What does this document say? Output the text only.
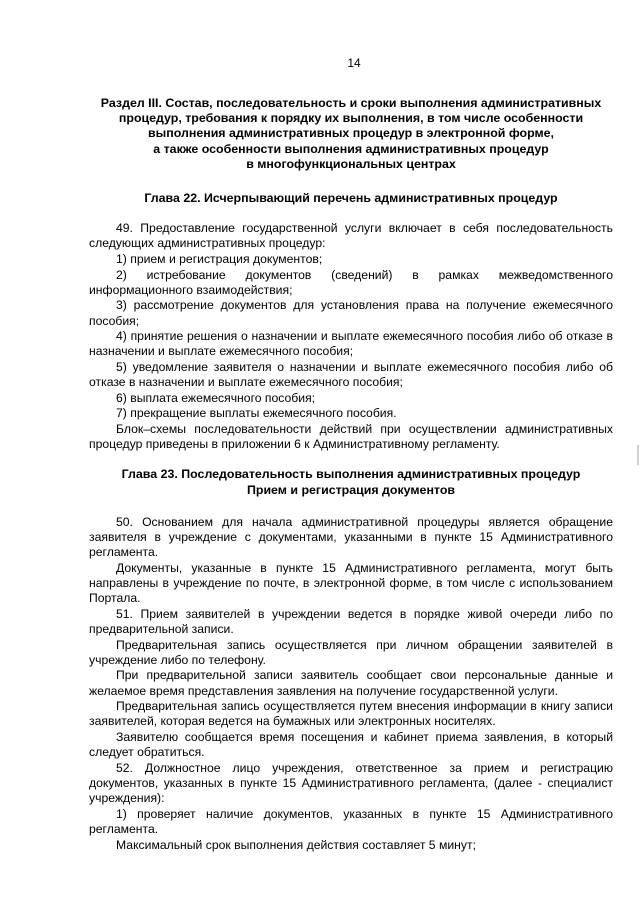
14
Раздел III. Состав, последовательность и сроки выполнения административных
процедур, требования к порядку их выполнения, в том числе особенности
выполнения административных процедур в электронной форме,
а также особенности выполнения административных процедур
в многофункциональных центрах
Глава 22. Исчерпывающий перечень административных процедур

49. Предоставление государственной услуги включает в себя последовательность следующих административных процедур:

1) прием и регистрация документов;

2) истребование документов (сведений) в рамках межведомственного информационного взаимодействия;

3) рассмотрение документов для установления права на получение ежемесячного пособия;

4) принятие решения о назначении и выплате ежемесячного пособия либо об отказе в назначении и выплате ежемесячного пособия;

5) уведомление заявителя о назначении и выплате ежемесячного пособия либо об отказе в назначении и выплате ежемесячного пособия;

6) выплата ежемесячного пособия;

7) прекращение выплаты ежемесячного пособия.

Блок–схемы последовательности действий при осуществлении административных процедур приведены в приложении 6 к Административному регламенту.

Глава 23. Последовательность выполнения административных процедур
Прием и регистрация документов

50. Основанием для начала административной процедуры является обращение заявителя в учреждение с документами, указанными в пункте 15 Административного регламента.

Документы, указанные в пункте 15 Административного регламента, могут быть направлены в учреждение по почте, в электронной форме, в том числе с использованием Портала.

51. Прием заявителей в учреждении ведется в порядке живой очереди либо по предварительной записи.

Предварительная запись осуществляется при личном обращении заявителей в учреждение либо по телефону.

При предварительной записи заявитель сообщает свои персональные данные и желаемое время представления заявления на получение государственной услуги.

Предварительная запись осуществляется путем внесения информации в книгу записи заявителей, которая ведется на бумажных или электронных носителях.

Заявителю сообщается время посещения и кабинет приема заявления, в который следует обратиться.

52. Должностное лицо учреждения, ответственное за прием и регистрацию документов, указанных в пункте 15 Административного регламента, (далее - специалист учреждения):

1) проверяет наличие документов, указанных в пункте 15 Административного регламента.

Максимальный срок выполнения действия составляет 5 минут;
